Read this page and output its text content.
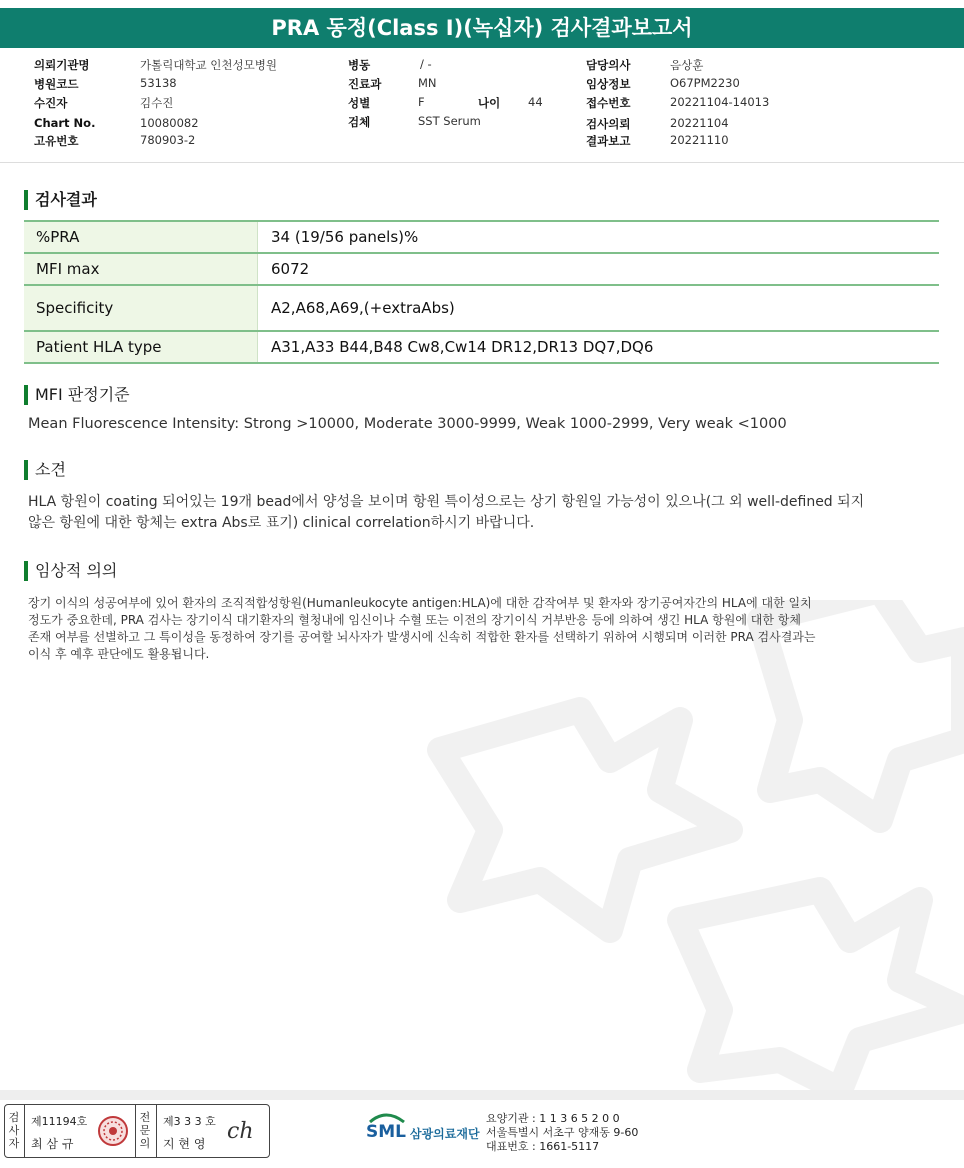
PRA 동정(Class I)(녹십자) 검사결과보고서
의뢰기관명	가톨릭대학교 인천성모병원
병원코드	53138
수진자	김수진
Chart No.	10080082
고유번호	780903-2
병동	/ -
진료과	MN
성별	F	나이 44
검체	SST Serum
담당의사	음상훈
임상정보	O67PM2230
접수번호	20221104-14013
검사의뢰	20221104
결과보고	20221110
검사결과
%PRA	34 (19/56 panels)%
MFI max	6072
Specificity	A2,A68,A69,(+extraAbs)
Patient HLA type	A31,A33 B44,B48 Cw8,Cw14 DR12,DR13 DQ7,DQ6
MFI 판정기준
Mean Fluorescence Intensity: Strong >10000, Moderate 3000-9999, Weak 1000-2999, Very weak <1000
소견
HLA 항원이 coating 되어있는 19개 bead에서 양성을 보이며 항원 특이성으로는 상기 항원일 가능성이 있으나(그 외 well-defined 되지
않은 항원에 대한 항체는 extra Abs로 표기) clinical correlation하시기 바랍니다.
임상적 의의
장기 이식의 성공여부에 있어 환자의 조직적합성항원(Humanleukocyte antigen:HLA)에 대한 감작여부 및 환자와 장기공여자간의 HLA에 대한 일치
정도가 중요한데, PRA 검사는 장기이식 대기환자의 혈청내에 임신이나 수혈 또는 이전의 장기이식 거부반응 등에 의하여 생긴 HLA 항원에 대한 항체
존재 여부를 선별하고 그 특이성을 동정하여 장기를 공여할 뇌사자가 발생시에 신속히 적합한 환자를 선택하기 위하여 시행되며 이러한 PRA 검사결과는
이식 후 예후 판단에도 활용됩니다.
검
사
자
제11194호
최 삼 규
전
문
의
제3 3 3 호
지 현 영 ch	SML 삼광의료재단
요양기관 : 1 1 3 6 5 2 0 0
서울특별시 서초구 양재동 9-60
대표번호 : 1661-5117
